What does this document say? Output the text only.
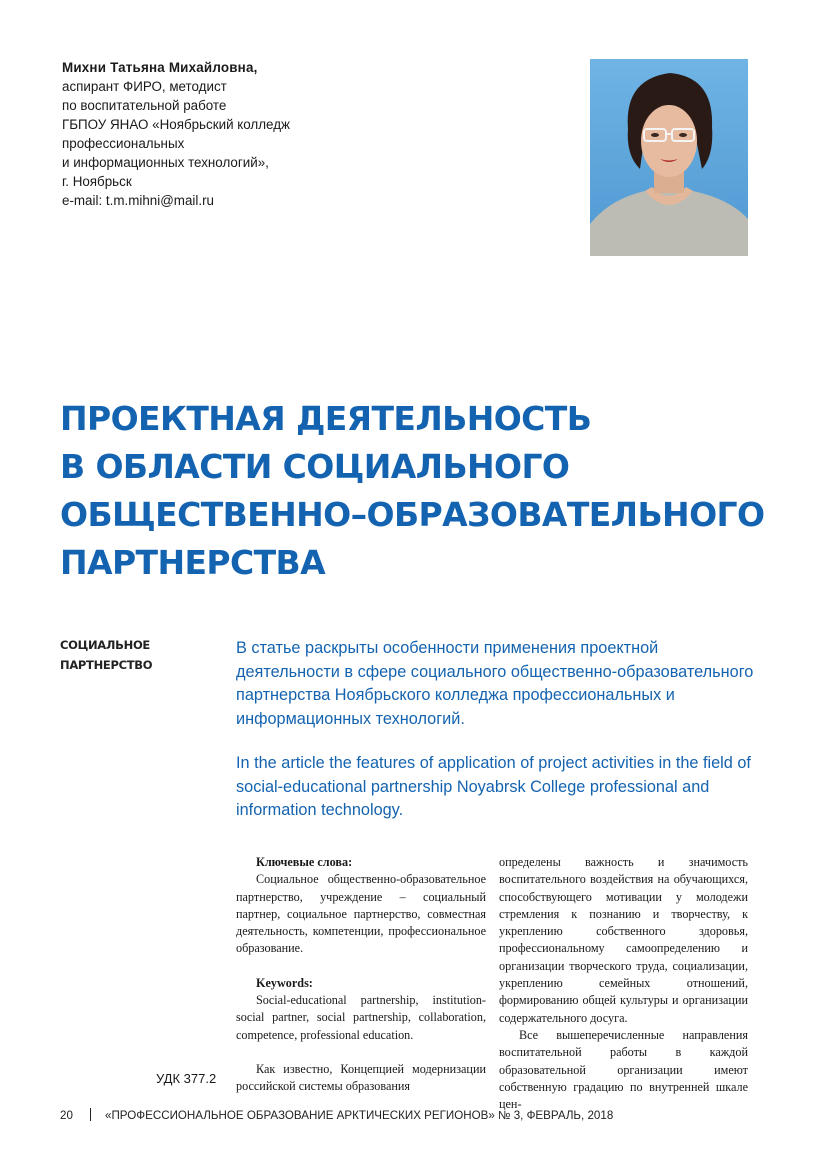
Михни Татьяна Михайловна,
аспирант ФИРО, методист
по воспитательной работе
ГБПОУ ЯНАО «Ноябрьский колледж
профессиональных
и информационных технологий»,
г. Ноябрьск
e-mail: t.m.mihni@mail.ru
ПРОЕКТНАЯ ДЕЯТЕЛЬНОСТЬ
В ОБЛАСТИ СОЦИАЛЬНОГО
ОБЩЕСТВЕННО–ОБРАЗОВАТЕЛЬНОГО
ПАРТНЕРСТВА
СОЦИАЛЬНОЕ
ПАРТНЕРСТВО

В статье раскрыты особенности применения проектной деятельности в сфере социального общественно-образовательного партнерства Ноябрьского колледжа профессиональных и информационных технологий.

In the article the features of application of project activities in the field of social-educational partnership Noyabrsk College professional and information technology.

Ключевые слова:

Социальное общественно-образовательное партнерство, учреждение – социальный партнер, социальное партнерство, совместная деятельность, компетенции, профессиональное образование.

Keywords:

Social-educational partnership, institution-social partner, social partnership, collaboration, competence, professional education.

Как известно, Концепцией модернизации российской системы образования

определены важность и значимость воспитательного воздействия на обучающихся, способствующего мотивации у молодежи стремления к познанию и творчеству, к укреплению собственного здоровья, профессиональному самоопределению и организации творческого труда, социализации, укреплению семейных отношений, формированию общей культуры и организации содержательного досуга.

Все вышеперечисленные направления воспитательной работы в каждой образовательной организации имеют собственную градацию по внутренней шкале цен-

УДК 377.2
20	«ПРОФЕССИОНАЛЬНОЕ ОБРАЗОВАНИЕ АРКТИЧЕСКИХ РЕГИОНОВ» № 3, ФЕВРАЛЬ, 2018
